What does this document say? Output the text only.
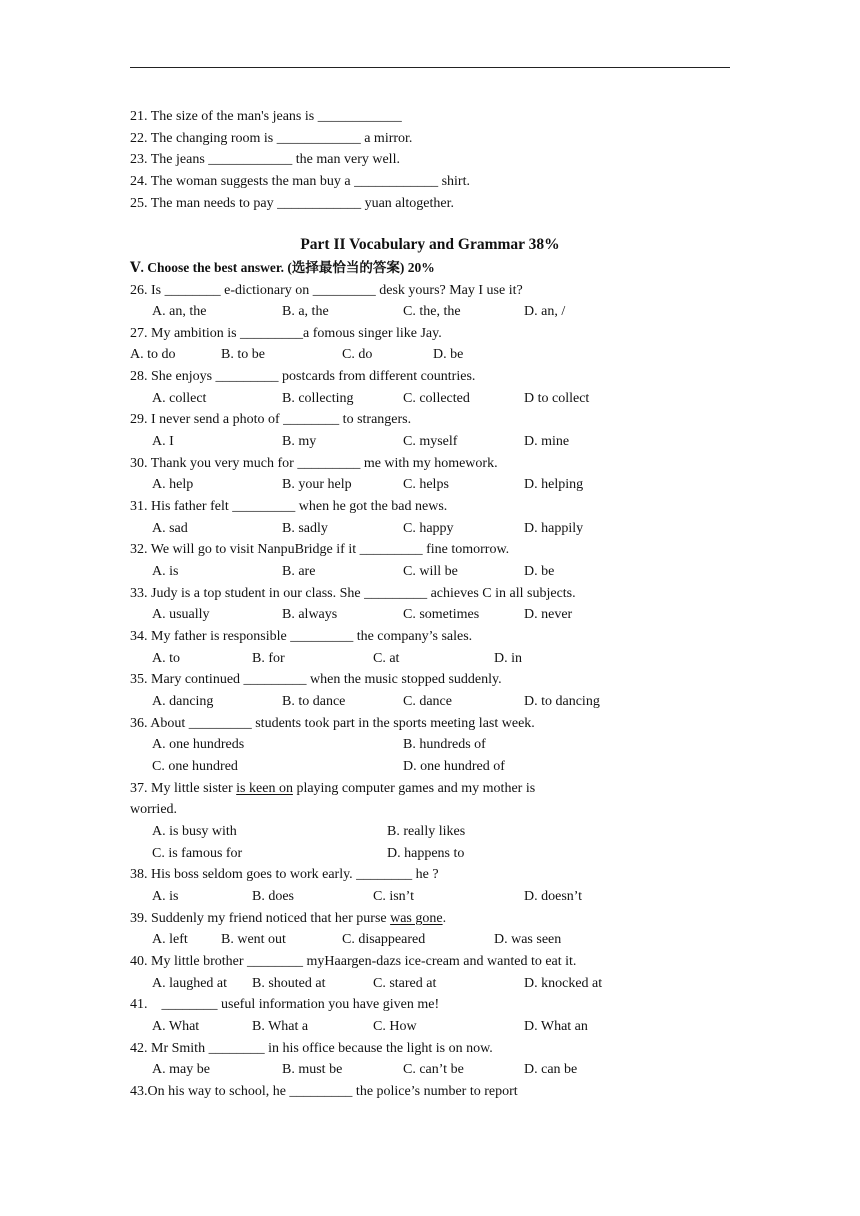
21. The size of the man's jeans is ____________
22. The changing room is ____________ a mirror.
23. The jeans ____________ the man very well.
24. The woman suggests the man buy a ____________ shirt.
25. The man needs to pay ____________ yuan altogether.
Part II Vocabulary and Grammar 38%
Ⅴ. Choose the best answer. (选择最恰当的答案) 20%
26. Is ________ e-dictionary on _________ desk yours? May I use it?
A. an, the	B. a, the	C. the, the	D. an, /
27. My ambition is _________a fomous singer like Jay.
A. to do	B. to be	C. do	D. be
28. She enjoys _________ postcards from different countries.
A. collect	B. collecting	C. collected	D to collect
29. I never send a photo of ________ to strangers.
A. I	B. my	C. myself	D. mine
30. Thank you very much for _________ me with my homework.
A. help	B. your help	C. helps	D. helping
31. His father felt _________ when he got the bad news.
A. sad	B. sadly	C. happy	D. happily
32. We will go to visit NanpuBridge if it _________ fine tomorrow.
A. is	B. are	C. will be	D. be
33. Judy is a top student in our class. She _________ achieves C in all subjects.
A. usually	B. always	C. sometimes	D. never
34. My father is responsible _________ the company’s sales.
A. to	B. for	C. at	D. in
35. Mary continued _________ when the music stopped suddenly.
A. dancing	B. to dance	C. dance	D. to dancing
36. About _________ students took part in the sports meeting last week.
A. one hundreds	B. hundreds of
C. one hundred	D. one hundred of
37. My little sister is keen on playing computer games and my mother is
worried.
A. is busy with	B. really likes
C. is famous for	D. happens to
38. His boss seldom goes to work early. ________ he ?
A. is	B. does	C. isn’t	D. doesn’t
39. Suddenly my friend noticed that her purse was gone.
A. left B. went out	C. disappeared	D. was seen
40. My little brother ________ myHaargen-dazs ice-cream and wanted to eat it.
A. laughed at B. shouted at	C. stared at	D. knocked at
41.    ________ useful information you have given me!
A. What	B. What a	C. How	D. What an
42. Mr Smith ________ in his office because the light is on now.
A. may be	B. must be	C. can’t be	D. can be
43.On his way to school, he _________ the police’s number to report
